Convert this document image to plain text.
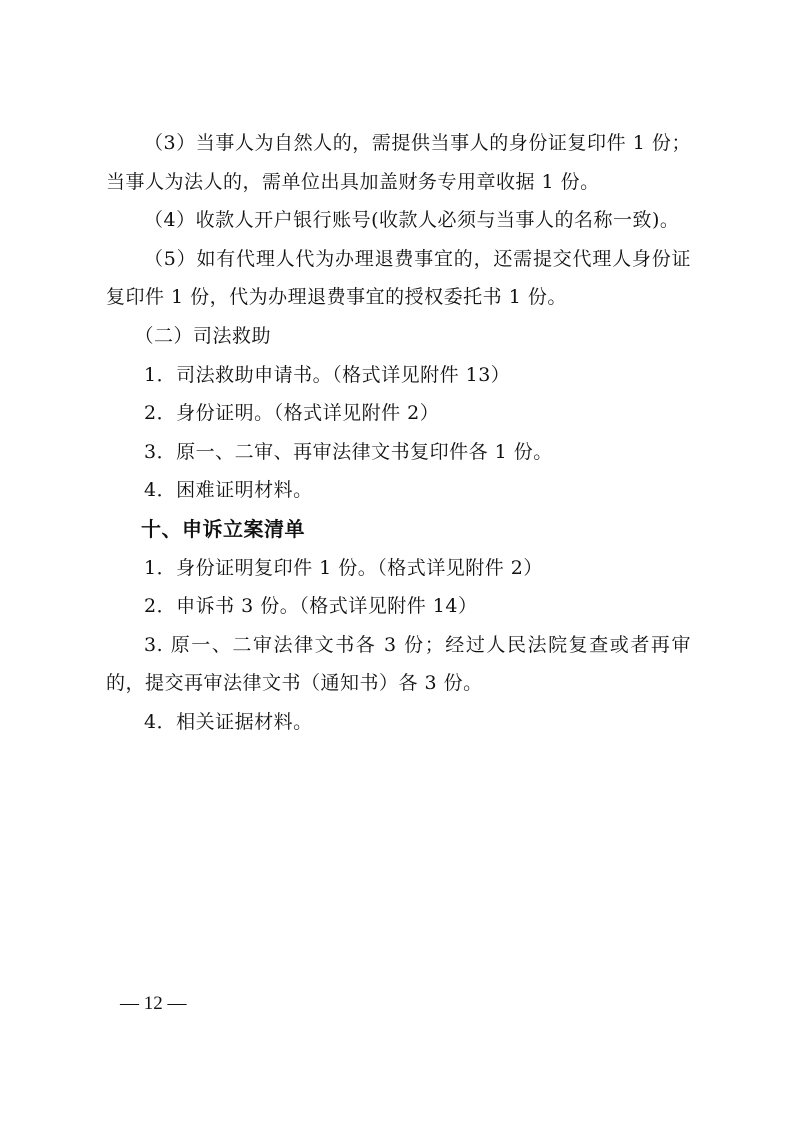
（3）当事人为自然人的，需提供当事人的身份证复印件 1 份；当事人为法人的，需单位出具加盖财务专用章收据 1 份。

（4）收款人开户银行账号(收款人必须与当事人的名称一致)。

（5）如有代理人代为办理退费事宜的，还需提交代理人身份证复印件 1 份，代为办理退费事宜的授权委托书 1 份。

（二）司法救助

1．司法救助申请书。（格式详见附件 13）

2．身份证明。（格式详见附件 2）

3．原一、二审、再审法律文书复印件各 1 份。

4．困难证明材料。

十、申诉立案清单

1．身份证明复印件 1 份。（格式详见附件 2）

2．申诉书 3 份。（格式详见附件 14）

3. 原一、二审法律文书各 3 份；经过人民法院复查或者再审的，提交再审法律文书（通知书）各 3 份。

4．相关证据材料。

— 12 —
